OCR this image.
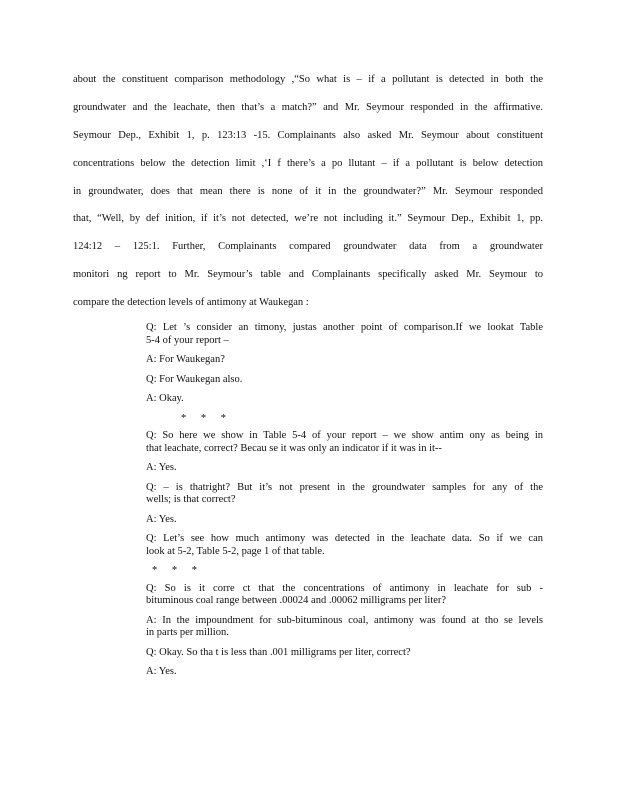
about the constituent comparison methodology ,“So what is – if a pollutant is detected in both the
groundwater and the leachate, then that’s a match?” and Mr. Seymour responded in the affirmative.
Seymour Dep., Exhibit 1, p. 123:13 -15. Complainants also asked Mr. Seymour about constituent
concentrations below the detection limit ,‘I f there’s a po llutant – if a pollutant is below detection
in groundwater, does that mean there is none of it in the groundwater?” Mr. Seymour responded
that, “Well, by def inition, if it’s not detected, we’re not including it.” Seymour Dep., Exhibit 1, pp.
124:12 – 125:1. Further, Complainants compared groundwater data from a groundwater
monitori ng report to Mr. Seymour’s table and Complainants specifically asked Mr. Seymour to
compare the detection levels of antimony at Waukegan :
Q: Let ’s consider an timony, justas another point of comparison.If we lookat Table
5-4 of your report –
A: For Waukegan?
Q: For Waukegan also.
A: Okay.
* * *
Q: So here we show in Table 5-4 of your report – we show antim ony as being in
that leachate, correct? Becau se it was only an indicator if it was in it--
A: Yes.
Q: – is thatright? But it’s not present in the groundwater samples for any of the
wells; is that correct?
A: Yes.
Q: Let’s see how much antimony was detected in the leachate data. So if we can
look at 5-2, Table 5-2, page 1 of that table.
* * *
Q: So is it corre ct that the concentrations of antimony in leachate for sub -
bituminous coal range between .00024 and .00062 milligrams per liter?
A: In the impoundment for sub-bituminous coal, antimony was found at tho se levels
in parts per million.
Q: Okay. So tha t is less than .001 milligrams per liter, correct?
A: Yes.
